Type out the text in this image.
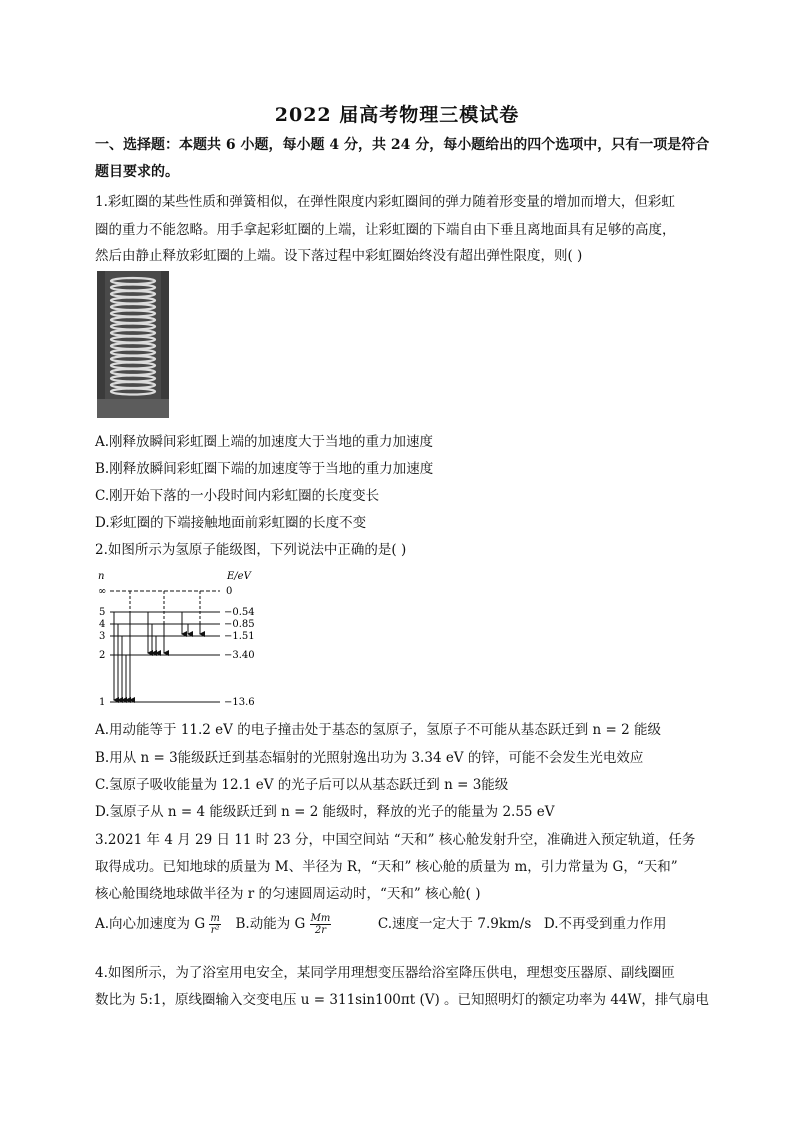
2022 届高考物理三模试卷
一、选择题：本题共 6 小题，每小题 4 分，共 24 分，每小题给出的四个选项中，只有一项是符合
题目要求的。
1.彩虹圈的某些性质和弹簧相似，在弹性限度内彩虹圈间的弹力随着形变量的增加而增大，但彩虹
圈的重力不能忽略。用手拿起彩虹圈的上端，让彩虹圈的下端自由下垂且离地面具有足够的高度，
然后由静止释放彩虹圈的上端。设下落过程中彩虹圈始终没有超出弹性限度，则( )
A.刚释放瞬间彩虹圈上端的加速度大于当地的重力加速度
B.刚释放瞬间彩虹圈下端的加速度等于当地的重力加速度
C.刚开始下落的一小段时间内彩虹圈的长度变长
D.彩虹圈的下端接触地面前彩虹圈的长度不变
2.如图所示为氢原子能级图，下列说法中正确的是( )
n	E/eV
∞
5
4
3
2
1
0
−0.54
−0.85
−1.51
−3.40
−13.6
A.用动能等于 11.2 eV 的电子撞击处于基态的氢原子，氢原子不可能从基态跃迁到 n = 2 能级
B.用从 n = 3能级跃迁到基态辐射的光照射逸出功为 3.34 eV 的锌，可能不会发生光电效应
C.氢原子吸收能量为 12.1 eV 的光子后可以从基态跃迁到 n = 3能级
D.氢原子从 n = 4 能级跃迁到 n = 2 能级时，释放的光子的能量为 2.55 eV
3.2021 年 4 月 29 日 11 时 23 分，中国空间站 “天和” 核心舱发射升空，准确进入预定轨道，任务
取得成功。已知地球的质量为 M、半径为 R，“天和” 核心舱的质量为 m，引力常量为 G，“天和”
核心舱围绕地球做半径为 r 的匀速圆周运动时，“天和” 核心舱( )
A.向心加速度为 G $\frac{m}{\text{r²}} B$.动能为 G $\frac{Mm}{2r}$	C.速度一定大于 7.9km/s D.不再受到重力作用
4.如图所示，为了浴室用电安全，某同学用理想变压器给浴室降压供电，理想变压器原、副线圈匝
数比为 5:1，原线圈输入交变电压 u = 311sin100πt (V) 。已知照明灯的额定功率为 44W，排气扇电
